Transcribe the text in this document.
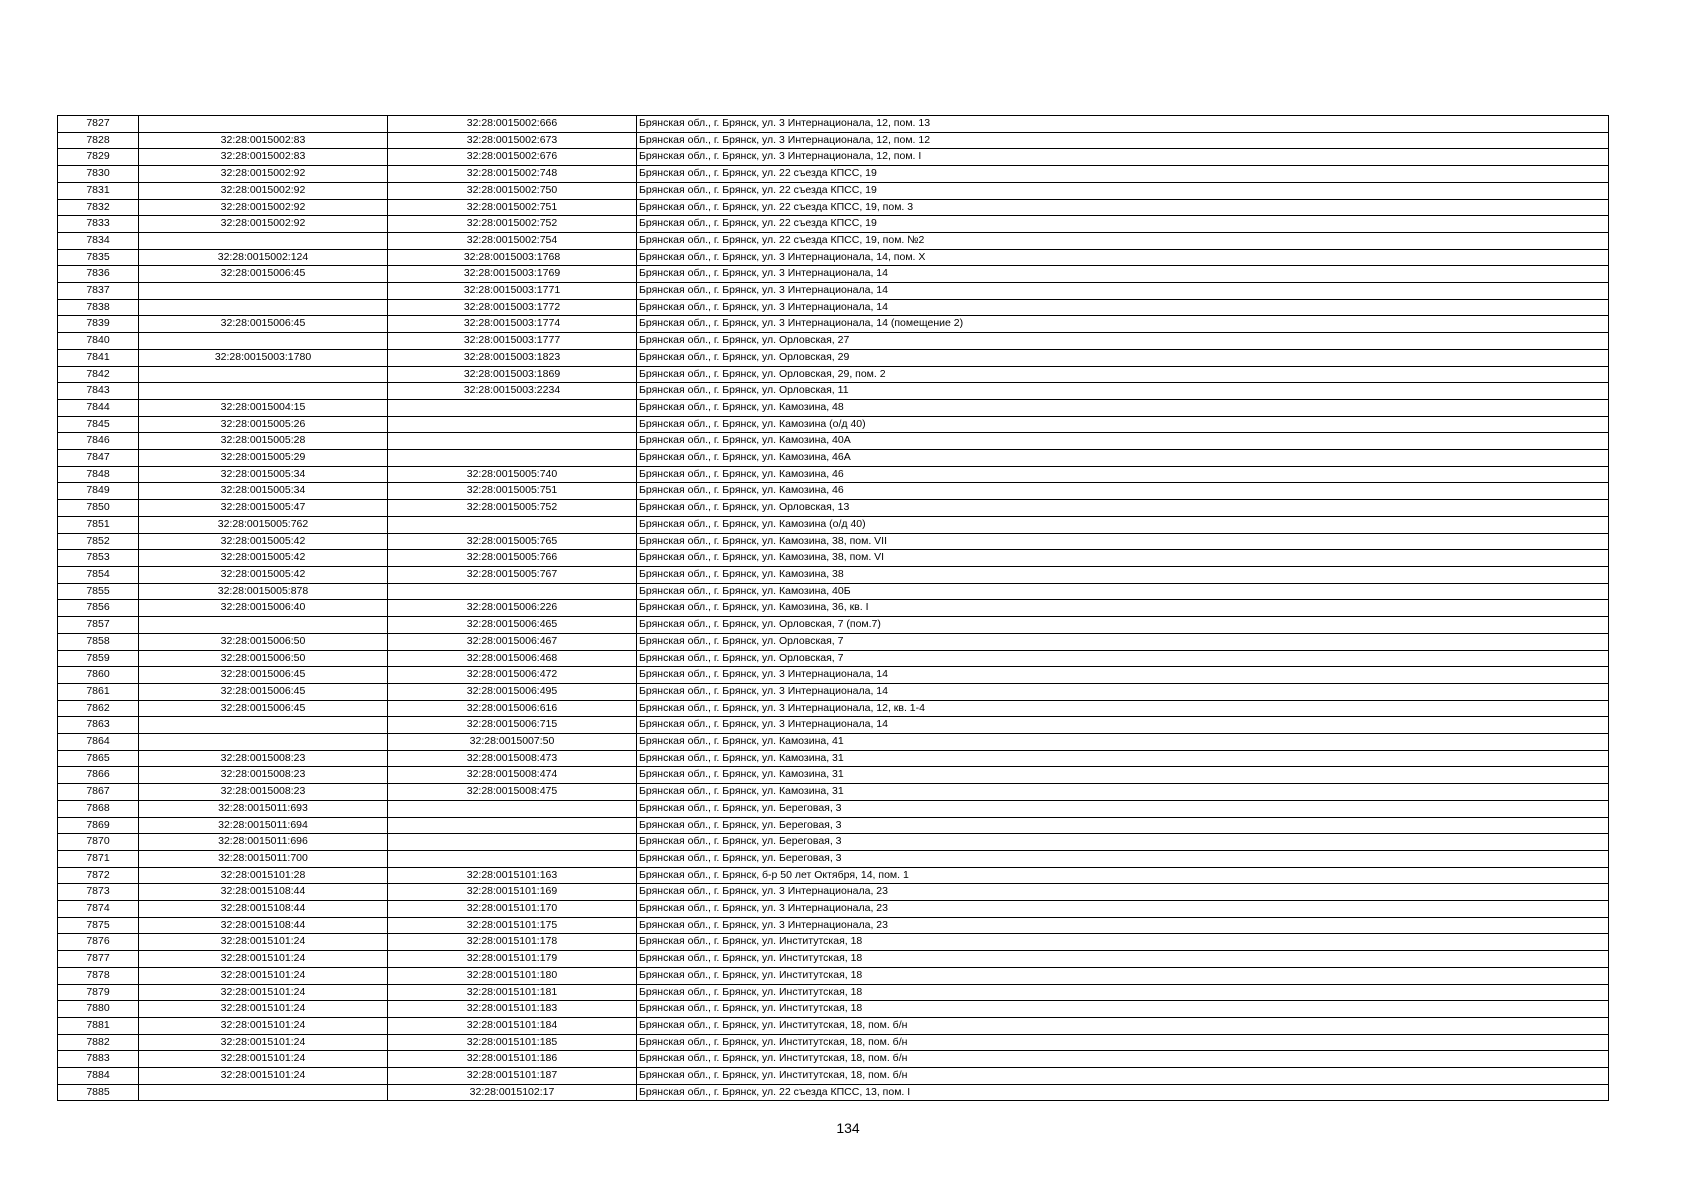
7827		32:28:0015002:666	Брянская обл., г. Брянск, ул. 3 Интернационала, 12, пом. 13
7828	32:28:0015002:83	32:28:0015002:673	Брянская обл., г. Брянск, ул. 3 Интернационала, 12, пом. 12
7829	32:28:0015002:83	32:28:0015002:676	Брянская обл., г. Брянск, ул. 3 Интернационала, 12, пом. I
7830	32:28:0015002:92	32:28:0015002:748	Брянская обл., г. Брянск, ул. 22 съезда КПСС, 19
7831	32:28:0015002:92	32:28:0015002:750	Брянская обл., г. Брянск, ул. 22 съезда КПСС, 19
7832	32:28:0015002:92	32:28:0015002:751	Брянская обл., г. Брянск, ул. 22 съезда КПСС, 19, пом. 3
7833	32:28:0015002:92	32:28:0015002:752	Брянская обл., г. Брянск, ул. 22 съезда КПСС, 19
7834		32:28:0015002:754	Брянская обл., г. Брянск, ул. 22 съезда КПСС, 19, пом. №2
7835	32:28:0015002:124	32:28:0015003:1768	Брянская обл., г. Брянск, ул. 3 Интернационала, 14, пом. X
7836	32:28:0015006:45	32:28:0015003:1769	Брянская обл., г. Брянск, ул. 3 Интернационала, 14
7837		32:28:0015003:1771	Брянская обл., г. Брянск, ул. 3 Интернационала, 14
7838		32:28:0015003:1772	Брянская обл., г. Брянск, ул. 3 Интернационала, 14
7839	32:28:0015006:45	32:28:0015003:1774	Брянская обл., г. Брянск, ул. 3 Интернационала, 14 (помещение 2)
7840		32:28:0015003:1777	Брянская обл., г. Брянск, ул. Орловская, 27
7841	32:28:0015003:1780	32:28:0015003:1823	Брянская обл., г. Брянск, ул. Орловская, 29
7842		32:28:0015003:1869	Брянская обл., г. Брянск, ул. Орловская, 29, пом. 2
7843		32:28:0015003:2234	Брянская обл., г. Брянск, ул. Орловская, 11
7844	32:28:0015004:15		Брянская обл., г. Брянск, ул. Камозина, 48
7845	32:28:0015005:26		Брянская обл., г. Брянск, ул. Камозина (о/д 40)
7846	32:28:0015005:28		Брянская обл., г. Брянск, ул. Камозина, 40А
7847	32:28:0015005:29		Брянская обл., г. Брянск, ул. Камозина, 46А
7848	32:28:0015005:34	32:28:0015005:740	Брянская обл., г. Брянск, ул. Камозина, 46
7849	32:28:0015005:34	32:28:0015005:751	Брянская обл., г. Брянск, ул. Камозина, 46
7850	32:28:0015005:47	32:28:0015005:752	Брянская обл., г. Брянск, ул. Орловская, 13
7851	32:28:0015005:762		Брянская обл., г. Брянск, ул. Камозина (о/д 40)
7852	32:28:0015005:42	32:28:0015005:765	Брянская обл., г. Брянск, ул. Камозина, 38, пом. VII
7853	32:28:0015005:42	32:28:0015005:766	Брянская обл., г. Брянск, ул. Камозина, 38, пом. VI
7854	32:28:0015005:42	32:28:0015005:767	Брянская обл., г. Брянск, ул. Камозина, 38
7855	32:28:0015005:878		Брянская обл., г. Брянск, ул. Камозина, 40Б
7856	32:28:0015006:40	32:28:0015006:226	Брянская обл., г. Брянск, ул. Камозина, 36, кв. I
7857		32:28:0015006:465	Брянская обл., г. Брянск, ул. Орловская, 7 (пом.7)
7858	32:28:0015006:50	32:28:0015006:467	Брянская обл., г. Брянск, ул. Орловская, 7
7859	32:28:0015006:50	32:28:0015006:468	Брянская обл., г. Брянск, ул. Орловская, 7
7860	32:28:0015006:45	32:28:0015006:472	Брянская обл., г. Брянск, ул. 3 Интернационала, 14
7861	32:28:0015006:45	32:28:0015006:495	Брянская обл., г. Брянск, ул. 3 Интернационала, 14
7862	32:28:0015006:45	32:28:0015006:616	Брянская обл., г. Брянск, ул. 3 Интернационала, 12, кв. 1-4
7863		32:28:0015006:715	Брянская обл., г. Брянск, ул. 3 Интернационала, 14
7864		32:28:0015007:50	Брянская обл., г. Брянск, ул. Камозина, 41
7865	32:28:0015008:23	32:28:0015008:473	Брянская обл., г. Брянск, ул. Камозина, 31
7866	32:28:0015008:23	32:28:0015008:474	Брянская обл., г. Брянск, ул. Камозина, 31
7867	32:28:0015008:23	32:28:0015008:475	Брянская обл., г. Брянск, ул. Камозина, 31
7868	32:28:0015011:693		Брянская обл., г. Брянск, ул. Береговая, 3
7869	32:28:0015011:694		Брянская обл., г. Брянск, ул. Береговая, 3
7870	32:28:0015011:696		Брянская обл., г. Брянск, ул. Береговая, 3
7871	32:28:0015011:700		Брянская обл., г. Брянск, ул. Береговая, 3
7872	32:28:0015101:28	32:28:0015101:163	Брянская обл., г. Брянск, б-р 50 лет Октября, 14, пом. 1
7873	32:28:0015108:44	32:28:0015101:169	Брянская обл., г. Брянск, ул. 3 Интернационала, 23
7874	32:28:0015108:44	32:28:0015101:170	Брянская обл., г. Брянск, ул. 3 Интернационала, 23
7875	32:28:0015108:44	32:28:0015101:175	Брянская обл., г. Брянск, ул. 3 Интернационала, 23
7876	32:28:0015101:24	32:28:0015101:178	Брянская обл., г. Брянск, ул. Институтская, 18
7877	32:28:0015101:24	32:28:0015101:179	Брянская обл., г. Брянск, ул. Институтская, 18
7878	32:28:0015101:24	32:28:0015101:180	Брянская обл., г. Брянск, ул. Институтская, 18
7879	32:28:0015101:24	32:28:0015101:181	Брянская обл., г. Брянск, ул. Институтская, 18
7880	32:28:0015101:24	32:28:0015101:183	Брянская обл., г. Брянск, ул. Институтская, 18
7881	32:28:0015101:24	32:28:0015101:184	Брянская обл., г. Брянск, ул. Институтская, 18, пом. б/н
7882	32:28:0015101:24	32:28:0015101:185	Брянская обл., г. Брянск, ул. Институтская, 18, пом. б/н
7883	32:28:0015101:24	32:28:0015101:186	Брянская обл., г. Брянск, ул. Институтская, 18, пом. б/н
7884	32:28:0015101:24	32:28:0015101:187	Брянская обл., г. Брянск, ул. Институтская, 18, пом. б/н
7885		32:28:0015102:17	Брянская обл., г. Брянск, ул. 22 съезда КПСС, 13, пом. I
134
